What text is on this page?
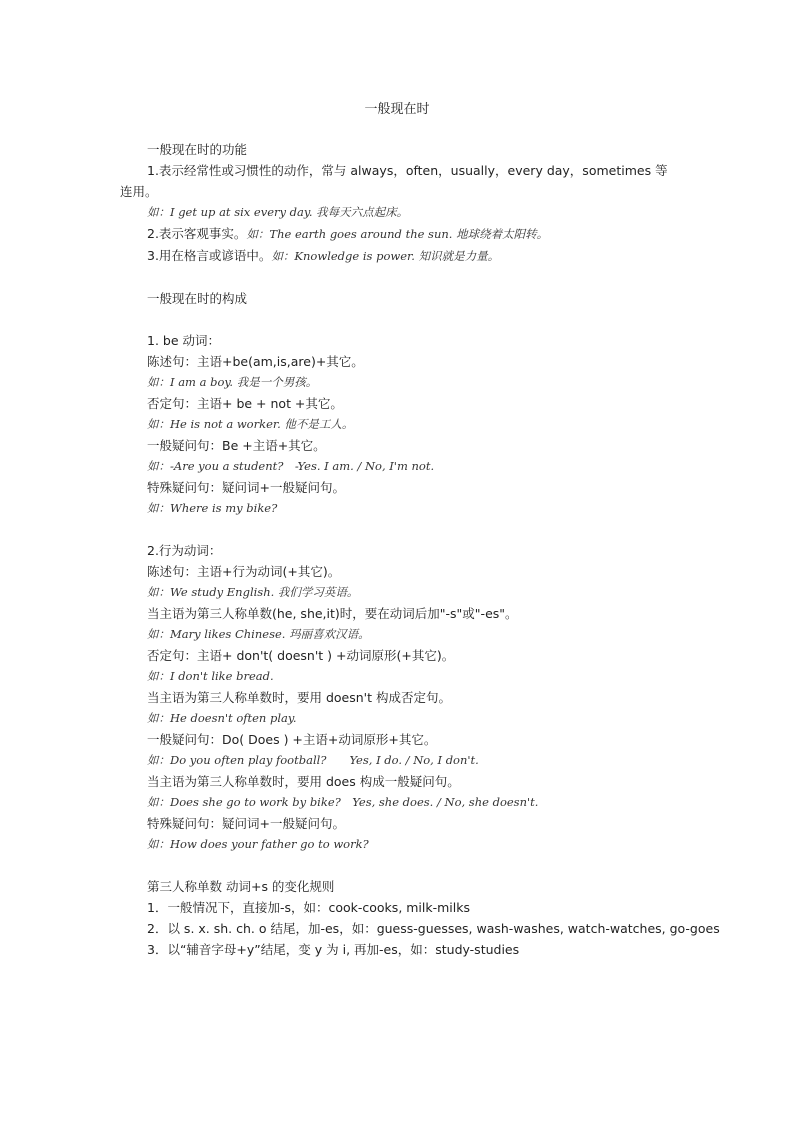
一般现在时
一般现在时的功能
1.表示经常性或习惯性的动作，常与 always，often，usually，every day，sometimes 等连用。
如：I get up at six every day. 我每天六点起床。
2.表示客观事实。如：The earth goes around the sun. 地球绕着太阳转。
3.用在格言或谚语中。如：Knowledge is power. 知识就是力量。
一般现在时的构成
1. be 动词：
陈述句：主语+be(am,is,are)+其它。
如：I am a boy. 我是一个男孩。
否定句：主语+ be + not +其它。
如：He is not a worker. 他不是工人。
一般疑问句：Be +主语+其它。
如：-Are you a student?　-Yes. I am. / No, I'm not.
特殊疑问句：疑问词+一般疑问句。
如：Where is my bike?
2.行为动词：
陈述句：主语+行为动词(+其它)。
如：We study English. 我们学习英语。
当主语为第三人称单数(he, she,it)时，要在动词后加"-s"或"-es"。
如：Mary likes Chinese. 玛丽喜欢汉语。
否定句：主语+ don't( doesn't ) +动词原形(+其它)。
如：I don't like bread.
当主语为第三人称单数时，要用 doesn't 构成否定句。
如：He doesn't often play.
一般疑问句：Do( Does ) +主语+动词原形+其它。
如：Do you often play football?　　Yes, I do. / No, I don't.
当主语为第三人称单数时，要用 does 构成一般疑问句。
如：Does she go to work by bike?　Yes, she does. / No, she doesn't.
特殊疑问句：疑问词+一般疑问句。
如：How does your father go to work?
第三人称单数 动词+s 的变化规则
1．一般情况下，直接加-s，如：cook-cooks, milk-milks
2．以 s. x. sh. ch. o 结尾，加-es，如：guess-guesses, wash-washes, watch-watches, go-goes
3．以“辅音字母+y”结尾，变 y 为 i, 再加-es，如：study-studies
